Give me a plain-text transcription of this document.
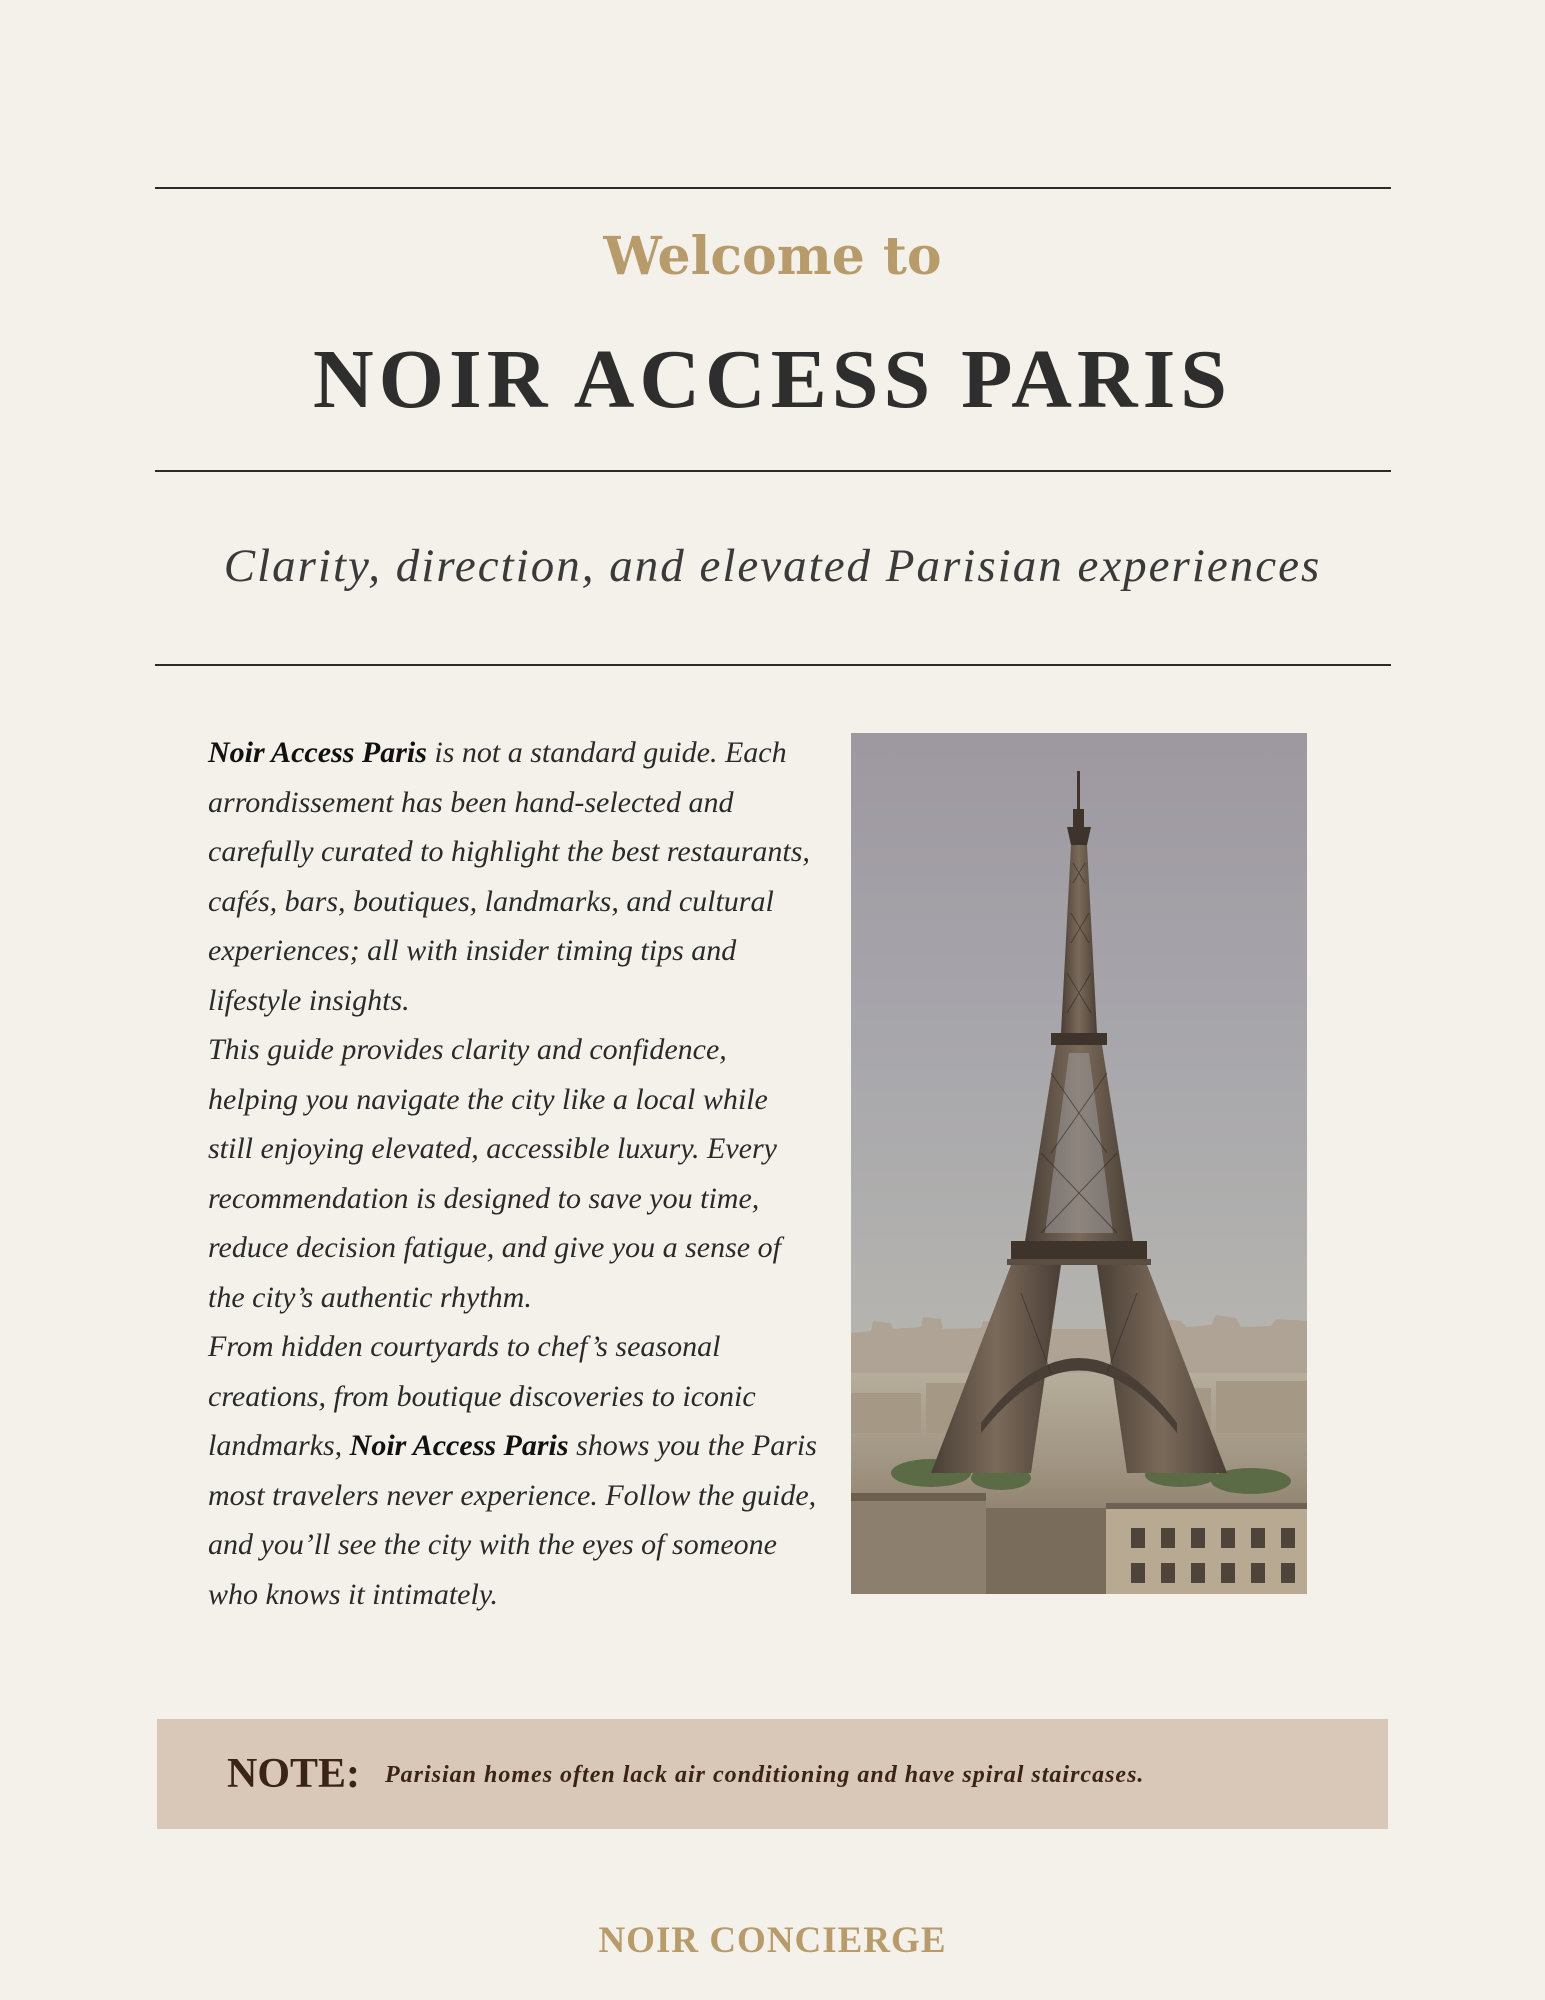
Welcome to
NOIR ACCESS PARIS
Clarity, direction, and elevated Parisian experiences

Noir Access Paris is not a standard guide. Each arrondissement has been hand-selected and carefully curated to highlight the best restaurants, cafés, bars, boutiques, landmarks, and cultural experiences; all with insider timing tips and lifestyle insights.

This guide provides clarity and confidence, helping you navigate the city like a local while still enjoying elevated, accessible luxury. Every recommendation is designed to save you time, reduce decision fatigue, and give you a sense of the city’s authentic rhythm.

From hidden courtyards to chef’s seasonal creations, from boutique discoveries to iconic landmarks, Noir Access Paris shows you the Paris most travelers never experience. Follow the guide, and you’ll see the city with the eyes of someone who knows it intimately.

NOTE: Parisian homes often lack air conditioning and have spiral staircases.
NOIR CONCIERGE
